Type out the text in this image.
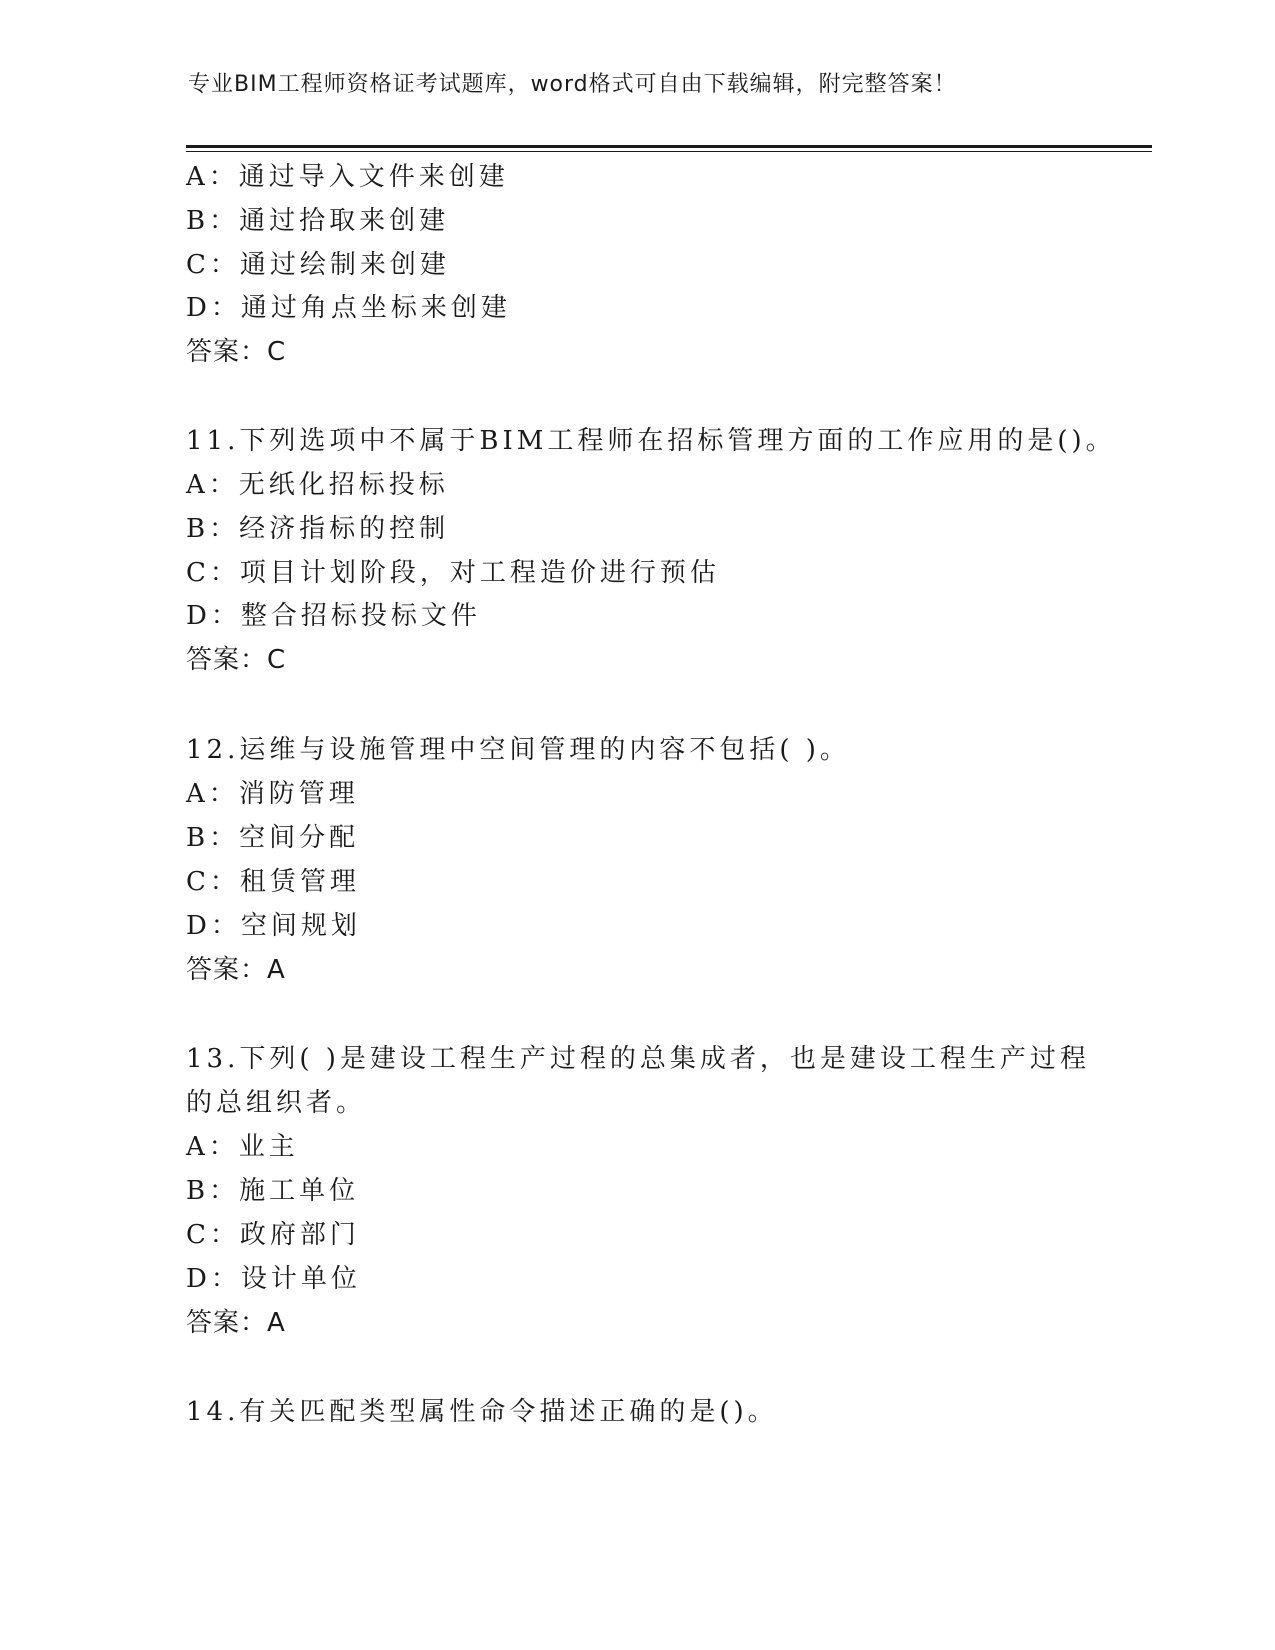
专业BIM工程师资格证考试题库，word格式可自由下载编辑，附完整答案！
A：通过导入文件来创建
B：通过拾取来创建
C：通过绘制来创建
D：通过角点坐标来创建
答案：C
11.下列选项中不属于BIM工程师在招标管理方面的工作应用的是()。
A：无纸化招标投标
B：经济指标的控制
C：项目计划阶段，对工程造价进行预估
D：整合招标投标文件
答案：C
12.运维与设施管理中空间管理的内容不包括( )。
A：消防管理
B：空间分配
C：租赁管理
D：空间规划
答案：A
13.下列( )是建设工程生产过程的总集成者，也是建设工程生产过程
的总组织者。
A：业主
B：施工单位
C：政府部门
D：设计单位
答案：A
14.有关匹配类型属性命令描述正确的是()。
